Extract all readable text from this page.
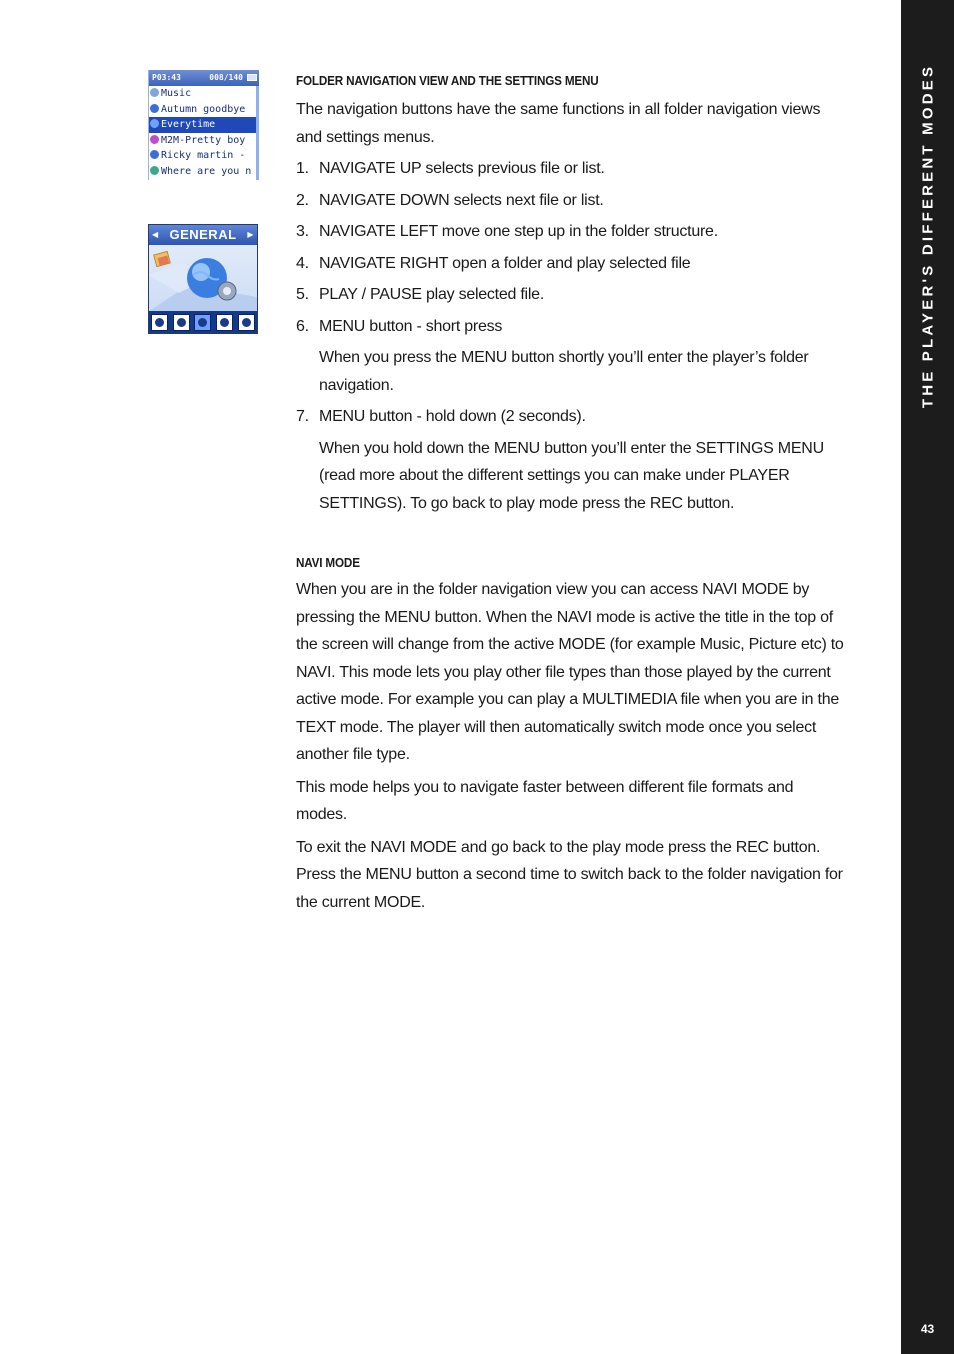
THE PLAYER'S DIFFERENT MODES
43
P03:43	008/140
Music
Autumn goodbye
Everytime
M2M-Pretty boy
Ricky martin -
Where are you n
◀ GENERAL ▶
FOLDER NAVIGATION VIEW AND THE SETTINGS MENU

The navigation buttons have the same functions in all folder navigation views and settings menus.

1. NAVIGATE UP selects previous file or list.
2. NAVIGATE DOWN selects next file or list.
3. NAVIGATE LEFT move one step up in the folder structure.
4. NAVIGATE RIGHT open a folder and play selected file
5. PLAY / PAUSE play selected file.
6. MENU button - short press
When you press the MENU button shortly you’ll enter the player’s folder navigation.
7. MENU button - hold down (2 seconds).
When you hold down the MENU button you’ll enter the SETTINGS MENU (read more about the different settings you can make under PLAYER SETTINGS). To go back to play mode press the REC button.
NAVI MODE

When you are in the folder navigation view you can access NAVI MODE by pressing the MENU button. When the NAVI mode is active the title in the top of the screen will change from the active MODE (for example Music, Picture etc) to NAVI. This mode lets you play other file types than those played by the current active mode. For example you can play a MULTIMEDIA file when you are in the TEXT mode. The player will then automatically switch mode once you select another file type.

This mode helps you to navigate faster between different file formats and modes.

To exit the NAVI MODE and go back to the play mode press the REC button. Press the MENU button a second time to switch back to the folder navigation for the current MODE.
